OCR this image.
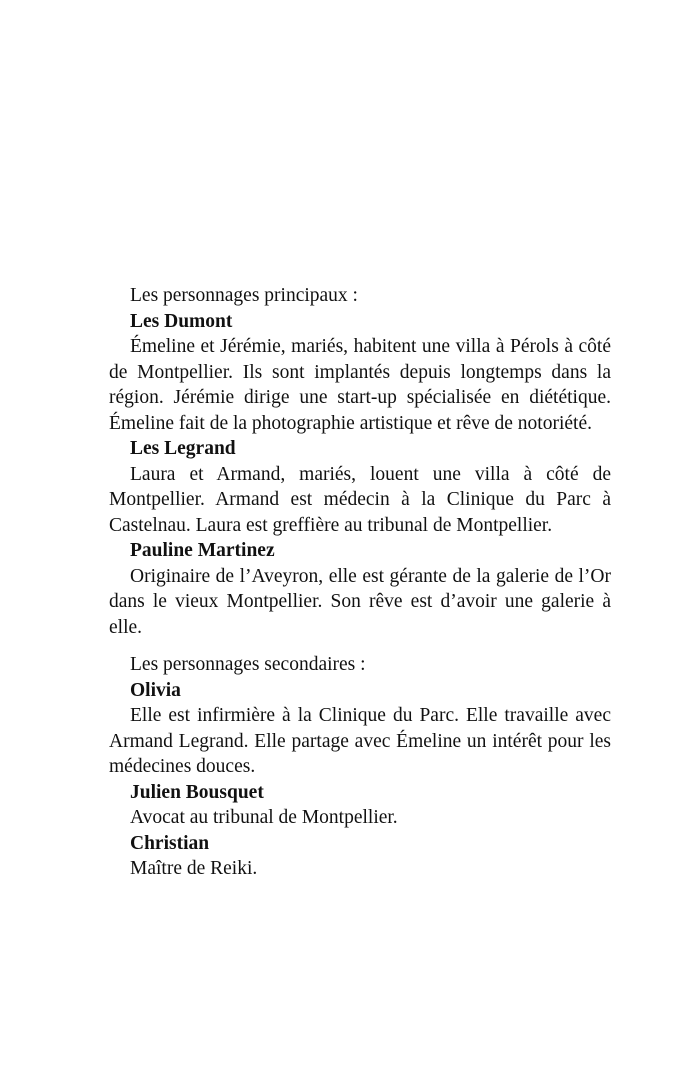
Les personnages principaux :

Les Dumont

Émeline et Jérémie, mariés, habitent une villa à Pérols à côté de Montpellier. Ils sont implantés depuis longtemps dans la région. Jérémie dirige une start-up spécialisée en diététique. Émeline fait de la photographie artistique et rêve de notoriété.

Les Legrand

Laura et Armand, mariés, louent une villa à côté de Montpellier. Armand est médecin à la Clinique du Parc à Castelnau. Laura est greffière au tribunal de Montpellier.

Pauline Martinez

Originaire de l’Aveyron, elle est gérante de la galerie de l’Or dans le vieux Montpellier. Son rêve est d’avoir une galerie à elle.

Les personnages secondaires :

Olivia

Elle est infirmière à la Clinique du Parc. Elle travaille avec Armand Legrand. Elle partage avec Émeline un intérêt pour les médecines douces.

Julien Bousquet

Avocat au tribunal de Montpellier.

Christian

Maître de Reiki.
